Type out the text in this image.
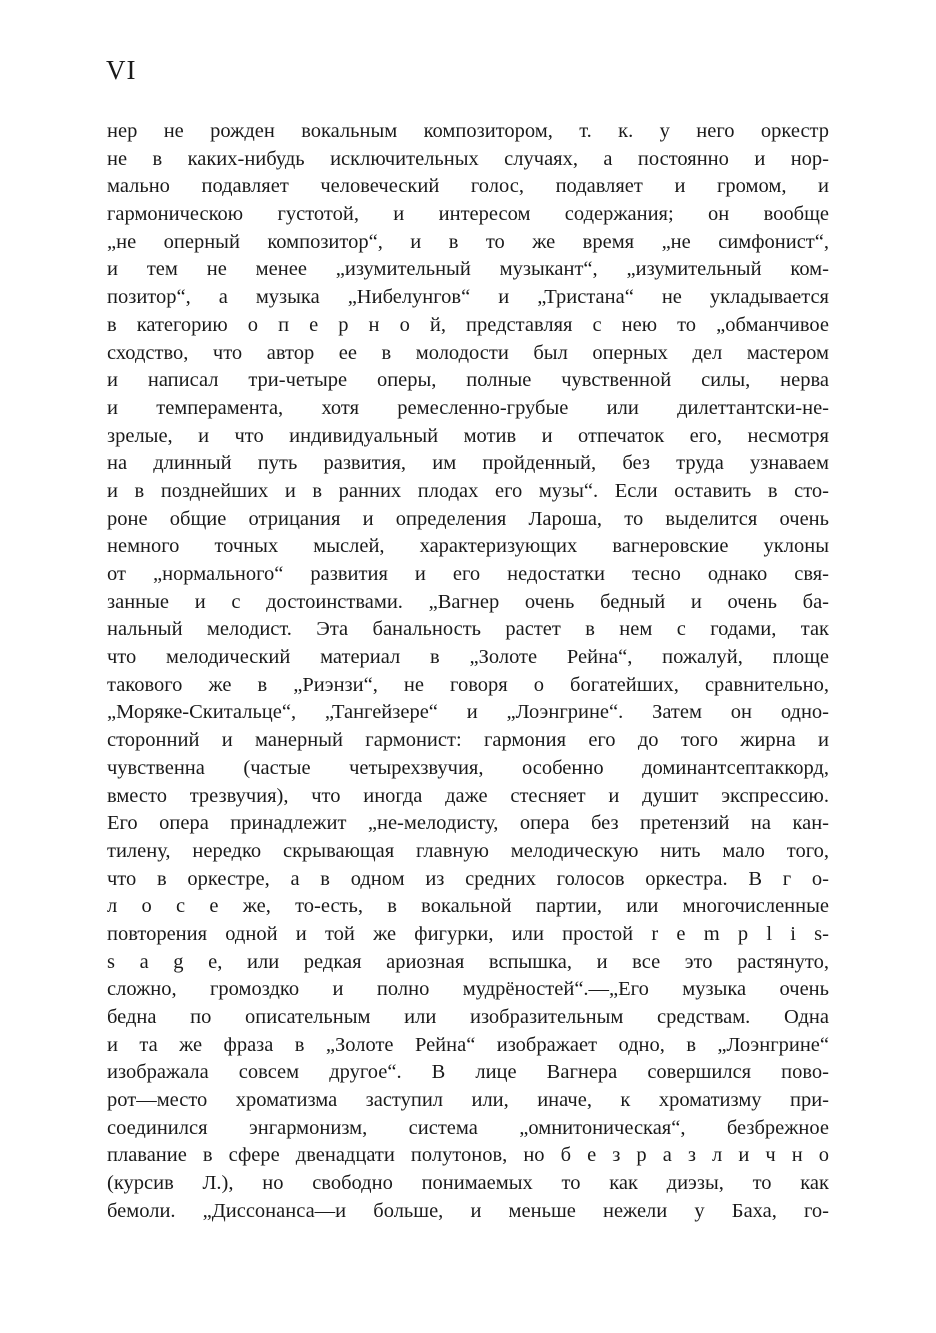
VI
нер не рожден вокальным композитором, т. к. у него оркестр
не в каких-нибудь исключительных случаях, а постоянно и нор-
мально подавляет человеческий голос, подавляет и громом, и
гармоническою густотой, и интересом содержания; он вообще
„не оперный композитор“, и в то же время „не симфонист“,
и тем не менее „изумительный музыкант“, „изумительный ком-
позитор“, а музыка „Нибелунгов“ и „Тристана“ не укладывается
в категорию о п е р н о й, представляя с нею то „обманчивое
сходство, что автор ее в молодости был оперных дел мастером
и написал три-четыре оперы, полные чувственной силы, нерва
и темперамента, хотя ремесленно-грубые или дилеттантски-не-
зрелые, и что индивидуальный мотив и отпечаток его, несмотря
на длинный путь развития, им пройденный, без труда узнаваем
и в позднейших и в ранних плодах его музы“. Если оставить в сто-
роне общие отрицания и определения Лароша, то выделится очень
немного точных мыслей, характеризующих вагнеровские уклоны
от „нормального“ развития и его недостатки тесно однако свя-
занные и с достоинствами. „Вагнер очень бедный и очень ба-
нальный мелодист. Эта банальность растет в нем с годами, так
что мелодический материал в „Золоте Рейна“, пожалуй, площе
такового же в „Риэнзи“, не говоря о богатейших, сравнительно,
„Моряке-Скитальце“, „Тангейзере“ и „Лоэнгрине“. Затем он одно-
сторонний и манерный гармонист: гармония его до того жирна и
чувственна (частые четырехзвучия, особенно доминантсептаккорд,
вместо трезвучия), что иногда даже стесняет и душит экспрессию.
Его опера принадлежит „не-мелодисту, опера без претензий на кан-
тилену, нередко скрывающая главную мелодическую нить мало того,
что в оркестре, а в одном из средних голосов оркестра. В г о-
л о с е же, то-есть, в вокальной партии, или многочисленные
повторения одной и той же фигурки, или простой r e m p l i s-
s a g e, или редкая ариозная вспышка, и все это растянуто,
сложно, громоздко и полно мудрёностей“.—„Его музыка очень
бедна по описательным или изобразительным средствам. Одна
и та же фраза в „Золоте Рейна“ изображает одно, в „Лоэнгрине“
изображала совсем другое“. В лице Вагнера совершился пово-
рот—место хроматизма заступил или, иначе, к хроматизму при-
соединился энгармонизм, система „омнитоническая“, безбрежное
плавание в сфере двенадцати полутонов, но б е з р а з л и ч н о
(курсив Л.), но свободно понимаемых то как диэзы, то как
бемоли. „Диссонанса—и больше, и меньше нежели у Баха, го-
